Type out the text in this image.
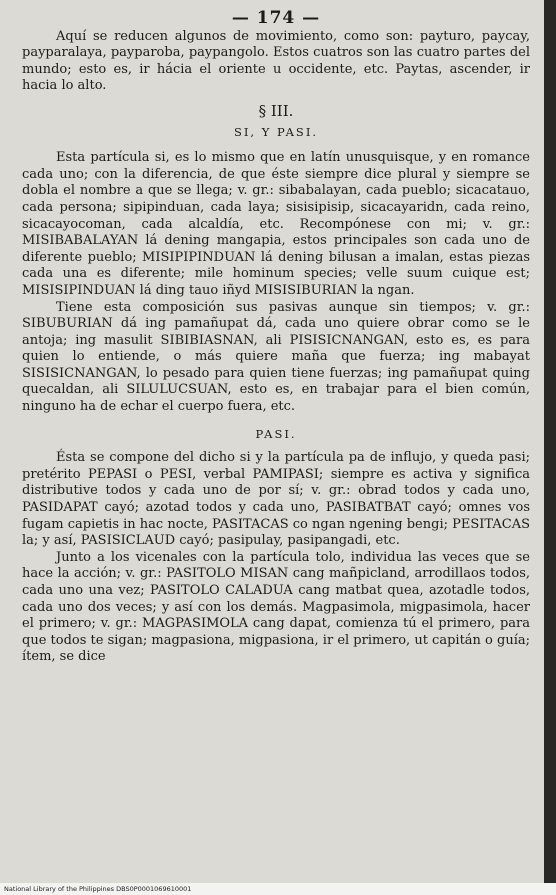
— 174 —

Aquí se reducen algunos de movimiento, como son: payturo, paycay, payparalaya, payparoba, paypangolo. Estos cuatros son las cuatro partes del mundo; esto es, ir hácia el oriente u occidente, etc. Paytas, ascender, ir hacia lo alto.

§ III.
SI, Y PASI.

Esta partícula si, es lo mismo que en latín unusquisque, y en romance cada uno; con la diferencia, de que éste siempre dice plural y siempre se dobla el nombre a que se llega; v. gr.: sibabalayan, cada pueblo; sicacatauo, cada persona; sipipinduan, cada laya; sisisipisip, sicacayaridn, cada reino, sicacayocoman, cada alcaldía, etc. Recompónese con mi; v. gr.: MISIBABALAYAN lá dening mangapia, estos principales son cada uno de diferente pueblo; MISIPIPINDUAN lá dening bilusan a imalan, estas piezas cada una es diferente; mile hominum species; velle suum cuique est; MISISIPINDUAN lá ding tauo iñyd MISISIBURIAN la ngan.

Tiene esta composición sus pasivas aunque sin tiempos; v. gr.: SIBUBURIAN dá ing pamañupat dá, cada uno quiere obrar como se le antoja; ing masulit SIBIBIASNAN, ali PISISICNANGAN, esto es, es para quien lo entiende, o más quiere maña que fuerza; ing mabayat SISISICNANGAN, lo pesado para quien tiene fuerzas; ing pamañupat quing quecaldan, ali SILULUCSUAN, esto es, en trabajar para el bien común, ninguno ha de echar el cuerpo fuera, etc.

PASI.

Ésta se compone del dicho si y la partícula pa de influjo, y queda pasi; pretérito PEPASI o PESI, verbal PAMIPASI; siempre es activa y significa distributive todos y cada uno de por sí; v. gr.: obrad todos y cada uno, PASIDAPAT cayó; azotad todos y cada uno, PASIBATBAT cayó; omnes vos fugam capietis in hac nocte, PASITACAS co ngan ngening bengi; PESITACAS la; y así, PASISICLAUD cayó; pasipulay, pasipangadi, etc.

Junto a los vicenales con la partícula tolo, individua las veces que se hace la acción; v. gr.: PASITOLO MISAN cang mañpicland, arrodillaos todos, cada uno una vez; PASITOLO CALADUA cang matbat quea, azotadle todos, cada uno dos veces; y así con los demás. Magpasimola, migpasimola, hacer el primero; v. gr.: MAGPASIMOLA cang dapat, comienza tú el primero, para que todos te sigan; magpasiona, migpasiona, ir el primero, ut capitán o guía; ítem, se dice

National Library of the Philippines DBS0P0001069610001
